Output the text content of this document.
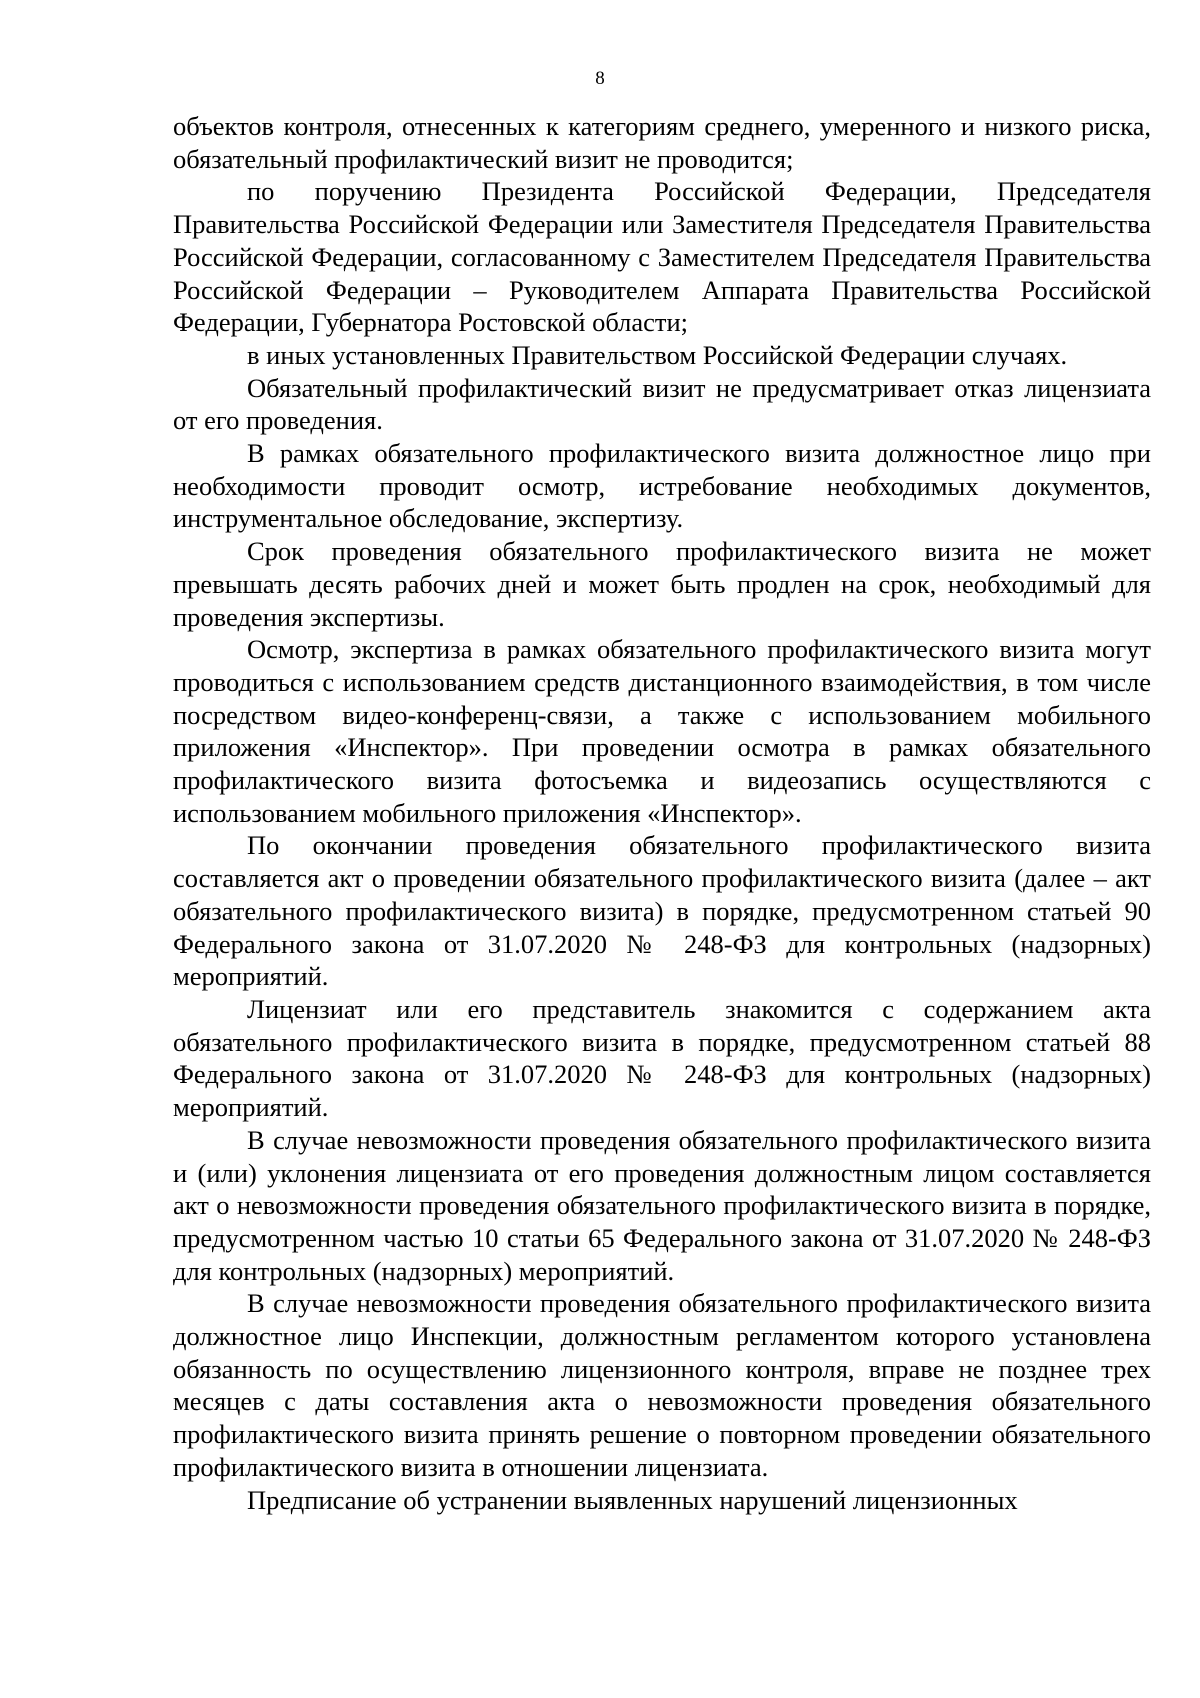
8

объектов контроля, отнесенных к категориям среднего, умеренного и низкого риска, обязательный профилактический визит не проводится;

по поручению Президента Российской Федерации, Председателя Правительства Российской Федерации или Заместителя Председателя Правительства Российской Федерации, согласованному с Заместителем Председателя Правительства Российской Федерации – Руководителем Аппарата Правительства Российской Федерации, Губернатора Ростовской области;

в иных установленных Правительством Российской Федерации случаях.

Обязательный профилактический визит не предусматривает отказ лицензиата от его проведения.

В рамках обязательного профилактического визита должностное лицо при необходимости проводит осмотр, истребование необходимых документов, инструментальное обследование, экспертизу.

Срок проведения обязательного профилактического визита не может превышать десять рабочих дней и может быть продлен на срок, необходимый для проведения экспертизы.

Осмотр, экспертиза в рамках обязательного профилактического визита могут проводиться с использованием средств дистанционного взаимодействия, в том числе посредством видео-конференц-связи, а также с использованием мобильного приложения «Инспектор». При проведении осмотра в рамках обязательного профилактического визита фотосъемка и видеозапись осуществляются с использованием мобильного приложения «Инспектор».

По окончании проведения обязательного профилактического визита составляется акт о проведении обязательного профилактического визита (далее – акт обязательного профилактического визита) в порядке, предусмотренном статьей 90 Федерального закона от 31.07.2020 № 248-ФЗ для контрольных (надзорных) мероприятий.

Лицензиат или его представитель знакомится с содержанием акта обязательного профилактического визита в порядке, предусмотренном статьей 88 Федерального закона от 31.07.2020 № 248-ФЗ для контрольных (надзорных) мероприятий.

В случае невозможности проведения обязательного профилактического визита и (или) уклонения лицензиата от его проведения должностным лицом составляется акт о невозможности проведения обязательного профилактического визита в порядке, предусмотренном частью 10 статьи 65 Федерального закона от 31.07.2020 № 248-ФЗ для контрольных (надзорных) мероприятий.

В случае невозможности проведения обязательного профилактического визита должностное лицо Инспекции, должностным регламентом которого установлена обязанность по осуществлению лицензионного контроля, вправе не позднее трех месяцев с даты составления акта о невозможности проведения обязательного профилактического визита принять решение о повторном проведении обязательного профилактического визита в отношении лицензиата.

Предписание об устранении выявленных нарушений лицензионных
